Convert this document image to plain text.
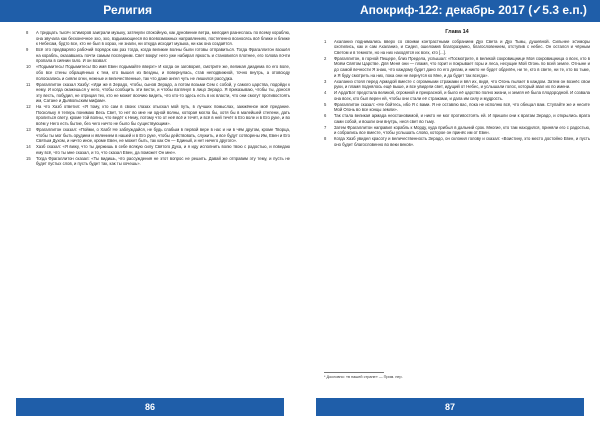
Религия
8	А тридцать тысяч эс'иморов заиграли музыку, затянули спокойную, как дуновение ветра, мелодия разнеслась по всему кораблю, она звучала как бесконечное эхо, эхо, вздымающееся во всевозможных направлениях, постепенно возносясь всё ближе и ближе к Небесам, будто все, кто не был в хорах, не знали, ни откуда исходит музыка, ни как она создаётся.
9	Всё это предваряло рабочий порядок как раз тогда, когда великие волны были готовы отправиться. Тогда Фрагаллитон взошёл на корабль, оказавшись почти самым последним. Свет вокруг него уже набирал яркость и становился плотнее, его голова почти пропала в сиянии гало. И он возвал:
10	«Подымитесь! Подымитесь! Во имя Евен подымайте вверх!» И когда он заговорил, смотрите же, великая диадема по его воле, обо все стены обращённых к тем, кто вышел из Бездны, и повернулась, став неподвижной, точно внутрь, а отовсюду полоскались и сияли огни, нежные и величественные, так что даже ангел чуть не лишился рассудка.
11	Фрагаллитон сказал Хазбу: «Иди же в Зерадо, чтобы, сынов Зерадо, а потом возьми Сем с собой, у самого царства, подойди к нему. И когда окажешься у него, чтобы сообщить эти вести, и чтобы взглянул в лицо Зерадо. Я приказываю, чтобы ты, донося эту весть, побудил, не отрицая тех, кто не может воочию видеть, что кто-то здесь есть в их власти, что они смогут противостоять им, Сатане и Дьявольским мифам».
12	На что Хазб ответил: «Я тому, кто сам в своих глазах отыскал мой путь, в лучших помыслах, зажжённое моё предание. Поскольку я теперь понимаю Весь Свет, то нет во мне ни одной волны, которая могла бы, хотя бы в малейшей степени, дать пролиться свету, кроме той волны, что ведёт к Нему, потому что от неё всё и течёт, и всё в ней течёт в Его воле и в Его руке, и во всём у Него есть бытие, без чего ничто не было бы существующим».
13	Фрагаллитон сказал: «Пойми, о Хазб! Не заблуждайся, не будь слабым в первой вере в нас и ни в чём другом, кроме Творца, чтобы ты мог быть орудием и явлением в нашей и в Его руке, чтобы действовать, служить, и все будут сотворены Им, Евен и Его Святым Духом, и ничто иное, кроме Евен, не может быть, так как Он — Единый, и нет ничего другого».
14	Хазб сказал: «Я вижу, что ты держишь в себе всякую силу Святого Духа, и я иду исполнить волю твою с радостью, и поведаю ему всё, что ты мне сказал, и то, что сказал Евен, да поможет Он мне».
15	Тогда Фрагаллитон сказал: «Ты видишь, что рассуждения не этот вопрос не решить. Давай же отправим эту тему, и пусть не будет пустых слов, и пусть будет так, как ты хочешь».
86
Апокриф-122: декабрь 2017 (✓5.3 е.п.)
Глава 14
1	Ахаланиэ поднимались вверх со своими контрастными собранием Дух Света и Дух Тьмы, душевной. Сильнее эс'иморы охотились, как и сам Ахаланиэ, и Сидел, ошеломив благоразумно, благословением, отступив с небес. Он остался и чёрным Светом и в темноте, но на них находятся их всех, кто [...].
2	Фрагаллитон, в горной Пещере, близ Предела, услышал: «Посмотрите, в великой сокровищнице Моя сокровищница о всех, кто в Моём Святом Царстве. Для Меня они — пламя, что горит и покрывает горы и леса, несущие Мой Огонь по всей земле. Отныне и до самой вечности Я знаю, что каждому будет дано по его делам, и никто не будет обделён, ни те, кто в свете, ни те, кто во тьме, и Я буду смотреть на них, пока они не вернутся ко Мне, и да будет так всегда».
3	Ахаланиэ стоял перед Армадой вместе с огромными стражами и вёл их, видя, что Огонь пылает в каждом. Затем он вознёс свои руки, и пламя поднялось ещё выше, и все увидели свет, идущий от Небес, и услышали голос, который звал их по имени.
4	И Арда'Бэт предстала великой, огромной и прекрасной, и было её царство полно жизни, и земля её была плодородной. И созвала она всех, кто был верен ей, чтобы они стали её стражами, и дала им силу и мудрость.
5	Фрагаллитон сказал: «Не бойтесь, ибо Я с вами. Я не оставлю вас, пока не исполню всё, что обещал вам. Ступайте же и несите Мой Огонь во все концы земли».
6	Так стала великая армада неостановимой, и никто не мог противостоять ей. И пришли они к вратам Зерадо, и открылись врата сами собой, и вошли они внутрь, неся свет во тьму.
7	Затем Фрагаллитон направил корабль к Морду, куда прибыл в дальний срок. Многие, кто там находился, приняли его с радостью, и собрались все вместе, чтобы услышать слово, которое он принёс им от Евен.
8	Когда Хазб увидел красоту и величественность Зерадо, он склонил голову и сказал: «Воистину, это место достойно Евен, и пусть оно будет благословенно во веки веков».
* Дословно: «в нашей стране» — Прим. пер.
87
